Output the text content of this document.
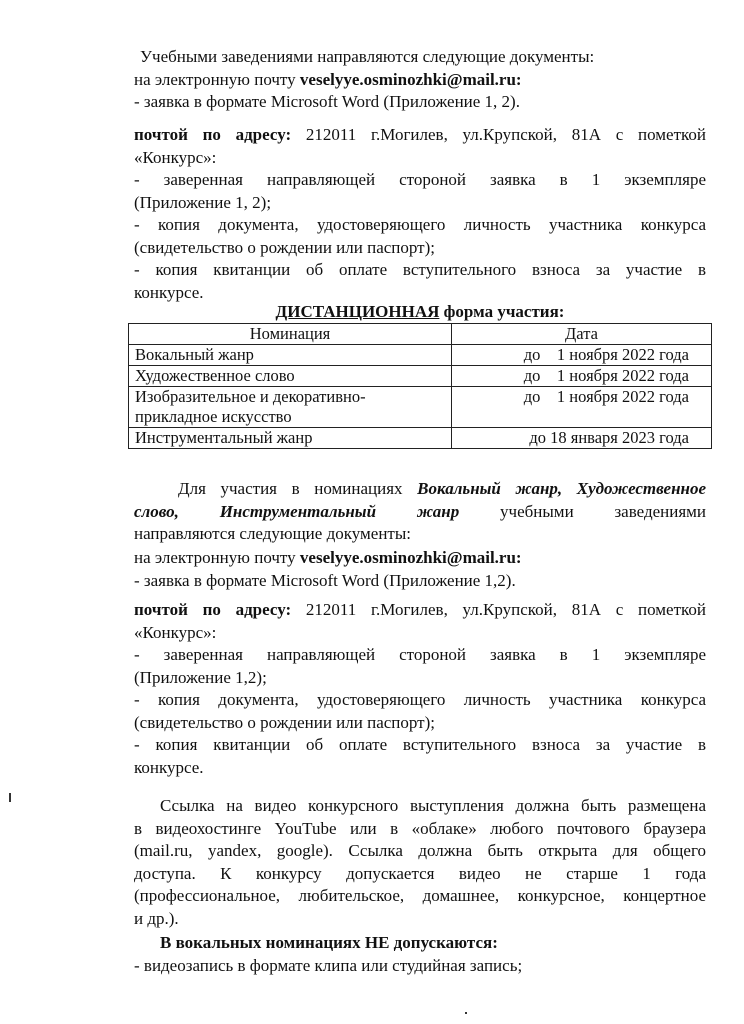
Учебными заведениями направляются следующие документы:
на электронную почту veselyye.osminozhki@mail.ru:
- заявка в формате Microsoft Word (Приложение 1, 2).
почтой по адресу: 212011 г.Могилев, ул.Крупской, 81А с пометкой
«Конкурс»:
- заверенная направляющей стороной заявка в 1 экземпляре
(Приложение 1, 2);
- копия документа, удостоверяющего личность участника конкурса
(свидетельство о рождении или паспорт);
- копия квитанции об оплате вступительного взноса за участие в
конкурсе.
ДИСТАНЦИОННАЯ форма участия:
Номинация	Дата
Вокальный жанр	до    1 ноября 2022 года
Художественное слово	до    1 ноября 2022 года

Изобразительное и декоративно-
прикладное искусство	до    1 ноября 2022 года
Инструментальный жанр	до 18 января 2023 года
Для участия в номинациях Вокальный жанр, Художественное
слово, Инструментальный жанр учебными заведениями
направляются следующие документы:
на электронную почту veselyye.osminozhki@mail.ru:
- заявка в формате Microsoft Word (Приложение 1,2).
почтой по адресу: 212011 г.Могилев, ул.Крупской, 81А с пометкой
«Конкурс»:
- заверенная направляющей стороной заявка в 1 экземпляре
(Приложение 1,2);
- копия документа, удостоверяющего личность участника конкурса
(свидетельство о рождении или паспорт);
- копия квитанции об оплате вступительного взноса за участие в
конкурсе.
Ссылка на видео конкурсного выступления должна быть размещена
в видеохостинге YouTube или в «облаке» любого почтового браузера
(mail.ru, yandex, google). Ссылка должна быть открыта для общего
доступа. К конкурсу допускается видео не старше 1 года
(профессиональное, любительское, домашнее, конкурсное, концертное
и др.).
В вокальных номинациях НЕ допускаются:
- видеозапись в формате клипа или студийная запись;
